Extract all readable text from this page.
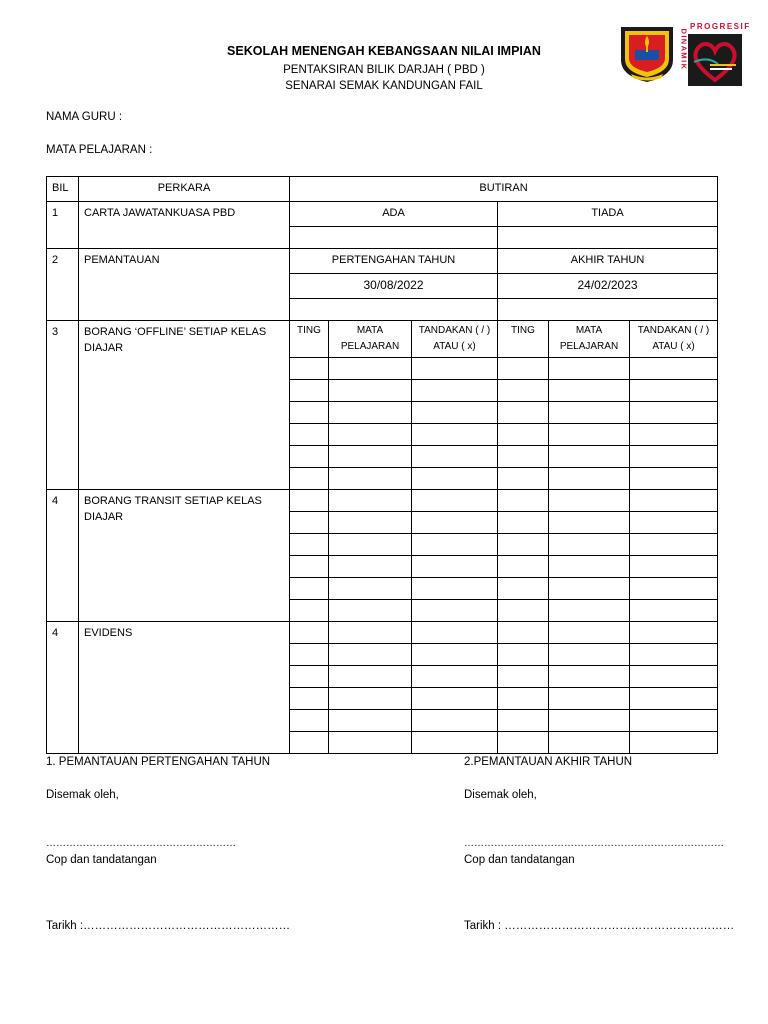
PROGRESIF
DINAMIK
SEKOLAH MENENGAH KEBANGSAAN NILAI IMPIAN
PENTAKSIRAN BILIK DARJAH ( PBD )
SENARAI SEMAK KANDUNGAN FAIL
NAMA GURU :
MATA PELAJARAN :
BIL	PERKARA	BUTIRAN					
1	CARTA JAWATANKUASA PBD	ADA			TIADA		

2	PEMANTAUAN	PERTENGAHAN TAHUN			AKHIR TAHUN		
		30/08/2022			24/02/2023		

3	BORANG ‘OFFLINE’ SETIAP KELAS DIAJAR	TING	MATA PELAJARAN	TANDAKAN ( / ) ATAU ( x)	TING	MATA PELAJARAN	TANDAKAN ( / ) ATAU ( x)

4	BORANG TRANSIT SETIAP KELAS DIAJAR						

4	EVIDENS						

1. PEMANTAUAN PERTENGAHAN TAHUN	2.PEMANTAUAN AKHIR TAHUN
Disemak oleh,	Disemak oleh,
…………………………………………………	……………………………………………………………………
Cop dan tandatangan	Cop dan tandatangan
Tarikh :………………………………………………	Tarikh : ……………………………………………………
